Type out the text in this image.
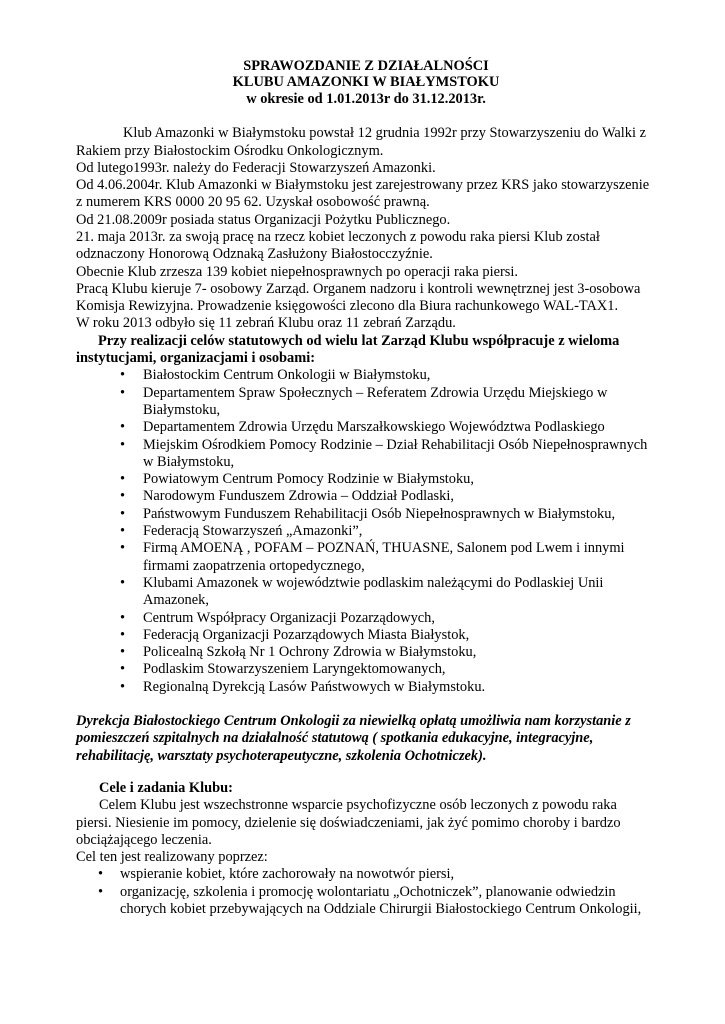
SPRAWOZDANIE Z DZIAŁALNOŚCI
KLUBU AMAZONKI W BIAŁYMSTOKU
w okresie od 1.01.2013r do 31.12.2013r.
Klub Amazonki w Białymstoku powstał 12 grudnia 1992r przy Stowarzyszeniu do Walki z Rakiem przy Białostockim Ośrodku Onkologicznym.
Od lutego1993r. należy do Federacji Stowarzyszeń Amazonki.
Od 4.06.2004r. Klub Amazonki w Białymstoku jest zarejestrowany przez KRS jako stowarzyszenie z numerem KRS 0000 20 95 62. Uzyskał osobowość prawną.
Od 21.08.2009r posiada status Organizacji Pożytku Publicznego.
21. maja 2013r. za swoją pracę na rzecz kobiet leczonych z powodu raka piersi Klub został odznaczony Honorową Odznaką Zasłużony Białostocczyźnie.
Obecnie Klub zrzesza 139 kobiet niepełnosprawnych po operacji raka piersi.
Pracą Klubu kieruje 7- osobowy Zarząd. Organem nadzoru i kontroli wewnętrznej jest 3-osobowa Komisja Rewizyjna. Prowadzenie księgowości zlecono dla Biura rachunkowego WAL-TAX1.
W roku 2013 odbyło się 11 zebrań Klubu oraz 11 zebrań Zarządu.
Przy realizacji celów statutowych od wielu lat Zarząd Klubu współpracuje z wieloma instytucjami, organizacjami i osobami:
• Białostockim Centrum Onkologii w Białymstoku,
• Departamentem Spraw Społecznych – Referatem Zdrowia Urzędu Miejskiego w Białymstoku,
• Departamentem Zdrowia Urzędu Marszałkowskiego Województwa Podlaskiego
• Miejskim Ośrodkiem Pomocy Rodzinie – Dział Rehabilitacji Osób Niepełnosprawnych w Białymstoku,
• Powiatowym Centrum Pomocy Rodzinie w Białymstoku,
• Narodowym Funduszem Zdrowia – Oddział Podlaski,
• Państwowym Funduszem Rehabilitacji Osób Niepełnosprawnych w Białymstoku,
• Federacją Stowarzyszeń „Amazonki”,
• Firmą AMOENĄ , POFAM – POZNAŃ, THUASNE, Salonem pod Lwem i innymi firmami zaopatrzenia ortopedycznego,
• Klubami Amazonek w województwie podlaskim należącymi do Podlaskiej Unii Amazonek,
• Centrum Współpracy Organizacji Pozarządowych,
• Federacją Organizacji Pozarządowych Miasta Białystok,
• Policealną Szkołą Nr 1 Ochrony Zdrowia w Białymstoku,
• Podlaskim Stowarzyszeniem Laryngektomowanych,
• Regionalną Dyrekcją Lasów Państwowych w Białymstoku.
Dyrekcja Białostockiego Centrum Onkologii za niewielką opłatą umożliwia nam korzystanie z pomieszczeń szpitalnych na działalność statutową ( spotkania edukacyjne, integracyjne, rehabilitację, warsztaty psychoterapeutyczne, szkolenia Ochotniczek).
Cele i zadania Klubu:
Celem Klubu jest wszechstronne wsparcie psychofizyczne osób leczonych z powodu raka piersi. Niesienie im pomocy, dzielenie się doświadczeniami, jak żyć pomimo choroby i bardzo obciążającego leczenia.
Cel ten jest realizowany poprzez:
• wspieranie kobiet, które zachorowały na nowotwór piersi,
• organizację, szkolenia i promocję wolontariatu „Ochotniczek”, planowanie odwiedzin chorych kobiet przebywających na Oddziale Chirurgii Białostockiego Centrum Onkologii,
